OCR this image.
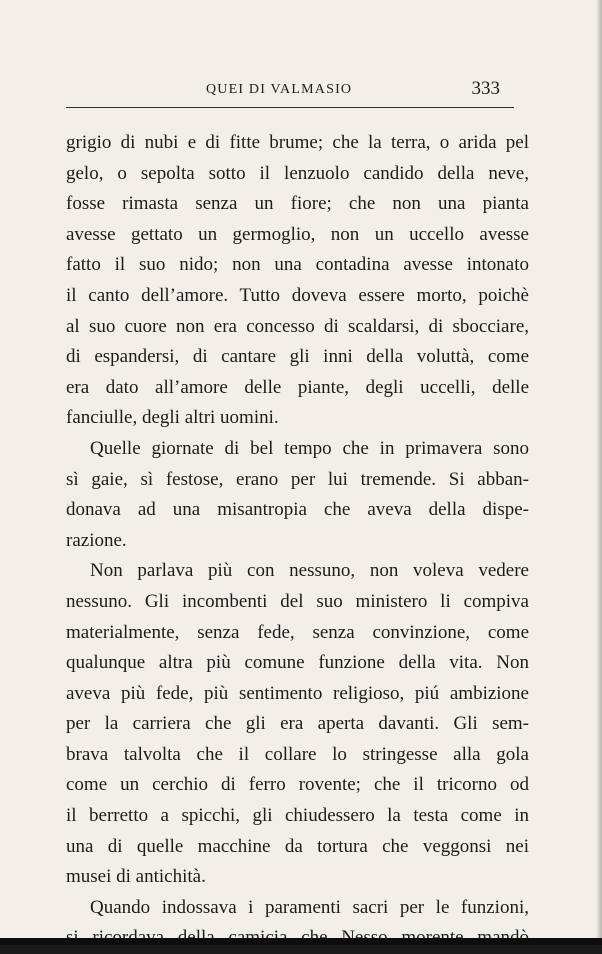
QUEI DI VALMASIO	333
grigio di nubi e di fitte brume; che la terra, o arida pel
gelo, o sepolta sotto il lenzuolo candido della neve,
fosse rimasta senza un fiore; che non una pianta
avesse gettato un germoglio, non un uccello avesse
fatto il suo nido; non una contadina avesse intonato
il canto dell’amore. Tutto doveva essere morto, poichè
al suo cuore non era concesso di scaldarsi, di sbocciare,
di espandersi, di cantare gli inni della voluttà, come
era dato all’amore delle piante, degli uccelli, delle
fanciulle, degli altri uomini.
Quelle giornate di bel tempo che in primavera sono
sì gaie, sì festose, erano per lui tremende. Si abban-
donava ad una misantropia che aveva della dispe-
razione.
Non parlava più con nessuno, non voleva vedere
nessuno. Gli incombenti del suo ministero li compiva
materialmente, senza fede, senza convinzione, come
qualunque altra più comune funzione della vita. Non
aveva più fede, più sentimento religioso, piú ambizione
per la carriera che gli era aperta davanti. Gli sem-
brava talvolta che il collare lo stringesse alla gola
come un cerchio di ferro rovente; che il tricorno od
il berretto a spicchi, gli chiudessero la testa come in
una di quelle macchine da tortura che veggonsi nei
musei di antichità.
Quando indossava i paramenti sacri per le funzioni,
